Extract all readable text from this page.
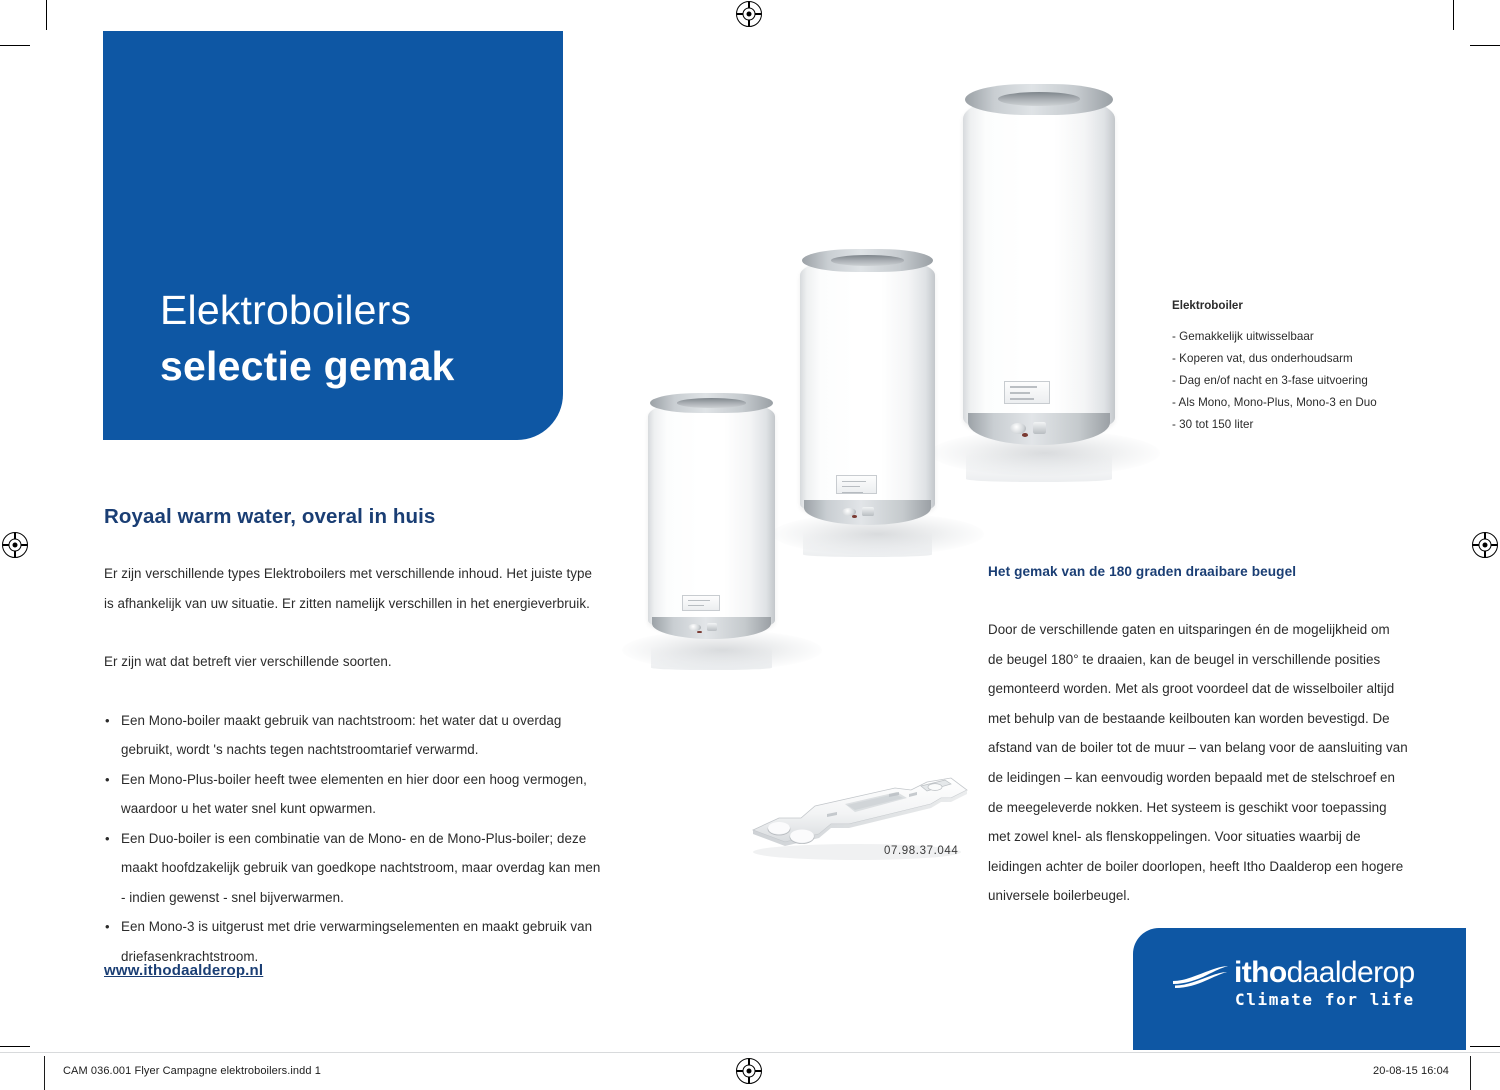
Elektroboilers
selectie gemak
Elektroboiler
- Gemakkelijk uitwisselbaar
- Koperen vat, dus onderhoudsarm
- Dag en/of nacht en 3-fase uitvoering
- Als Mono, Mono-Plus, Mono-3 en Duo
- 30 tot 150 liter
Royaal warm water, overal in huis

Er zijn verschillende types Elektroboilers met verschillende inhoud. Het juiste type is afhankelijk van uw situatie. Er zitten namelijk verschillen in het energieverbruik.

Er zijn wat dat betreft vier verschillende soorten.

• Een Mono-boiler maakt gebruik van nachtstroom: het water dat u overdag gebruikt, wordt 's nachts tegen nachtstroomtarief verwarmd.
• Een Mono-Plus-boiler heeft twee elementen en hier door een hoog vermogen, waardoor u het water snel kunt opwarmen.
• Een Duo-boiler is een combinatie van de Mono- en de Mono-Plus-boiler; deze maakt hoofdzakelijk gebruik van goedkope nachtstroom, maar overdag kan men - indien gewenst - snel bijverwarmen.
• Een Mono-3 is uitgerust met drie verwarmingselementen en maakt gebruik van driefasenkrachtstroom.
www.ithodaalderop.nl
Het gemak van de 180 graden draaibare beugel

Door de verschillende gaten en uitsparingen én de mogelijkheid om de beugel 180° te draaien, kan de beugel in verschillende posities gemonteerd worden. Met als groot voordeel dat de wisselboiler altijd met behulp van de bestaande keilbouten kan worden bevestigd. De afstand van de boiler tot de muur – van belang voor de aansluiting van de leidingen – kan eenvoudig worden bepaald met de stelschroef en de meegeleverde nokken. Het systeem is geschikt voor toepassing met zowel knel- als flenskoppelingen. Voor situaties waarbij de leidingen achter de boiler doorlopen, heeft Itho Daalderop een hogere universele boilerbeugel.

07.98.37.044
ithodaalderop
Climate for life
CAM 036.001 Flyer Campagne elektroboilers.indd 1	20-08-15 16:04
